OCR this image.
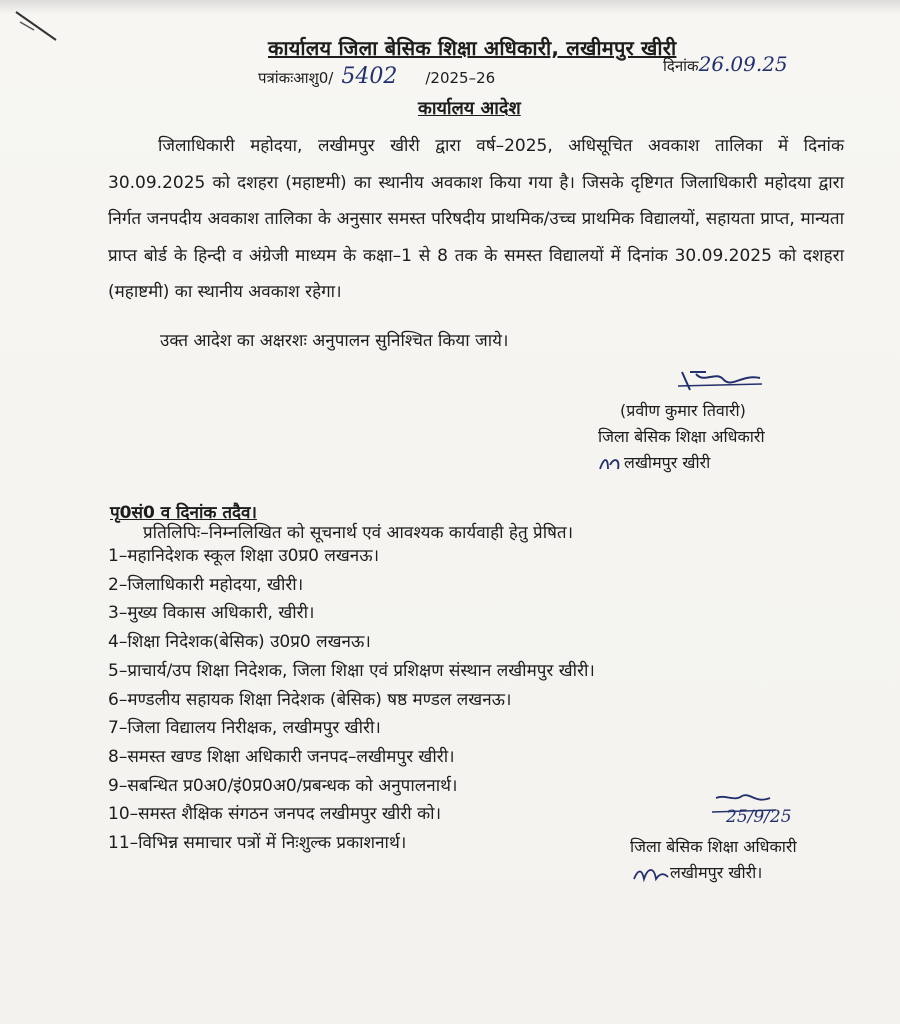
कार्यालय जिला बेसिक शिक्षा अधिकारी, लखीमपुर खीरी
पत्रांकःआशु0/ 5402 /2025–26
दिनांक26.09.25
कार्यालय आदेश

जिलाधिकारी महोदया, लखीमपुर खीरी द्वारा वर्ष–2025, अधिसूचित अवकाश तालिका में दिनांक 30.09.2025 को दशहरा (महाष्टमी) का स्थानीय अवकाश किया गया है। जिसके दृष्टिगत जिलाधिकारी महोदया द्वारा निर्गत जनपदीय अवकाश तालिका के अनुसार समस्त परिषदीय प्राथमिक/उच्च प्राथमिक विद्यालयों, सहायता प्राप्त, मान्यता प्राप्त बोर्ड के हिन्दी व अंग्रेजी माध्यम के कक्षा–1 से 8 तक के समस्त विद्यालयों में दिनांक 30.09.2025 को दशहरा (महाष्टमी) का स्थानीय अवकाश रहेगा।

उक्त आदेश का अक्षरशः अनुपालन सुनिश्चित किया जाये।

(प्रवीण कुमार तिवारी)
जिला बेसिक शिक्षा अधिकारी
लखीमपुर खीरी
पृ0सं0 व दिनांक तदैव।
प्रतिलिपिः–निम्नलिखित को सूचनार्थ एवं आवश्यक कार्यवाही हेतु प्रेषित।
1–महानिदेशक स्कूल शिक्षा उ0प्र0 लखनऊ।
2–जिलाधिकारी महोदया, खीरी।
3–मुख्य विकास अधिकारी, खीरी।
4–शिक्षा निदेशक(बेसिक) उ0प्र0 लखनऊ।
5–प्राचार्य/उप शिक्षा निदेशक, जिला शिक्षा एवं प्रशिक्षण संस्थान लखीमपुर खीरी।
6–मण्डलीय सहायक शिक्षा निदेशक (बेसिक) षष्ठ मण्डल लखनऊ।
7–जिला विद्यालय निरीक्षक, लखीमपुर खीरी।
8–समस्त खण्ड शिक्षा अधिकारी जनपद–लखीमपुर खीरी।
9–सबन्धित प्र0अ0/इं0प्र0अ0/प्रबन्धक को अनुपालनार्थ।
10–समस्त शैक्षिक संगठन जनपद लखीमपुर खीरी को।
11–विभिन्न समाचार पत्रों में निःशुल्क प्रकाशनार्थ।
25/9/25
जिला बेसिक शिक्षा अधिकारी
लखीमपुर खीरी।
